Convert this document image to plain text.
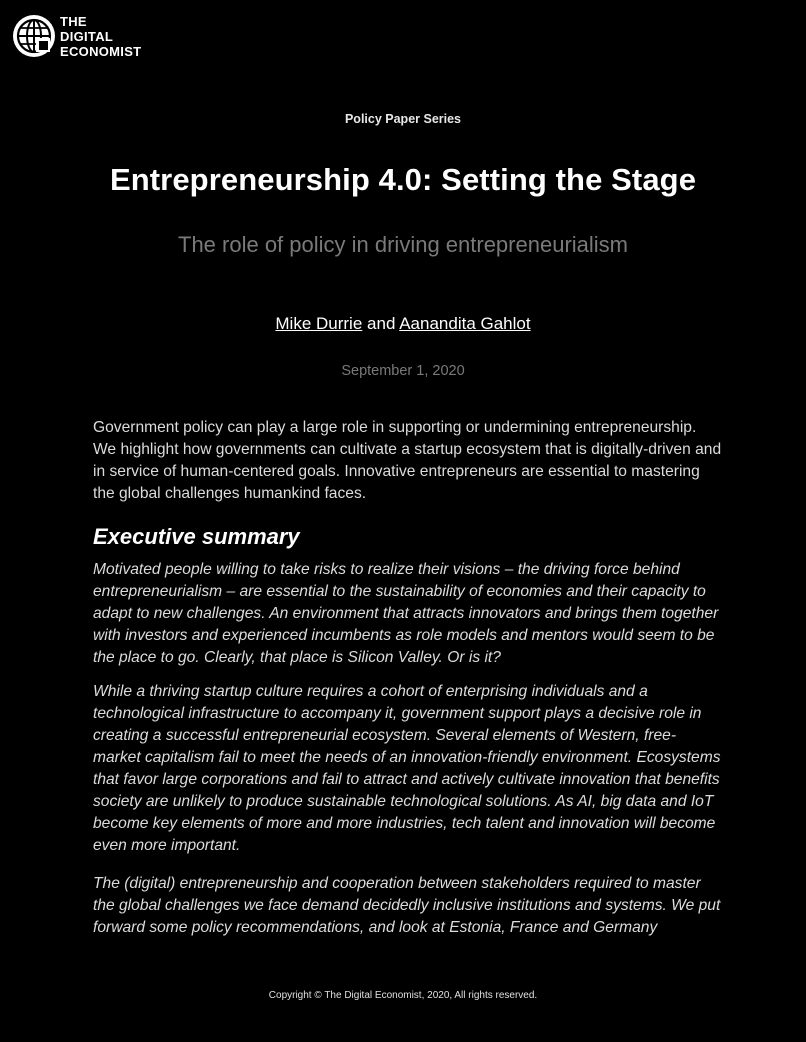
THE
DIGITAL
ECONOMIST
Policy Paper Series
Entrepreneurship 4.0: Setting the Stage
The role of policy in driving entrepreneurialism
Mike Durrie and Aanandita Gahlot
September 1, 2020
Government policy can play a large role in supporting or undermining entrepreneurship. We highlight how governments can cultivate a startup ecosystem that is digitally-driven and in service of human-centered goals. Innovative entrepreneurs are essential to mastering the global challenges humankind faces.
Executive summary
Motivated people willing to take risks to realize their visions – the driving force behind entrepreneurialism – are essential to the sustainability of economies and their capacity to adapt to new challenges. An environment that attracts innovators and brings them together with investors and experienced incumbents as role models and mentors would seem to be the place to go. Clearly, that place is Silicon Valley. Or is it?
While a thriving startup culture requires a cohort of enterprising individuals and a technological infrastructure to accompany it, government support plays a decisive role in creating a successful entrepreneurial ecosystem. Several elements of Western, free-market capitalism fail to meet the needs of an innovation-friendly environment. Ecosystems that favor large corporations and fail to attract and actively cultivate innovation that benefits society are unlikely to produce sustainable technological solutions. As AI, big data and IoT become key elements of more and more industries, tech talent and innovation will become even more important.
The (digital) entrepreneurship and cooperation between stakeholders required to master the global challenges we face demand decidedly inclusive institutions and systems. We put forward some policy recommendations, and look at Estonia, France and Germany
Copyright © The Digital Economist, 2020, All rights reserved.
